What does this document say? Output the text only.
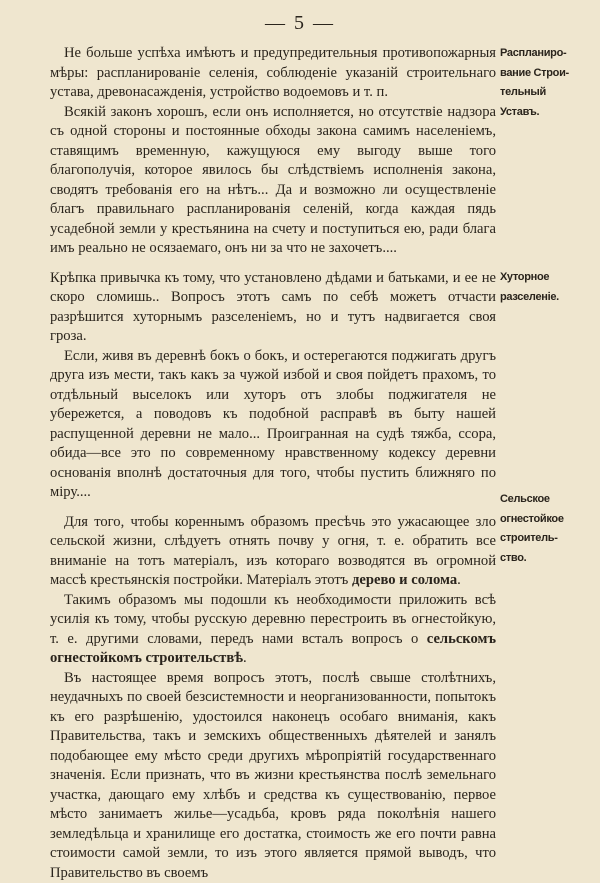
— 5 —
Распланиро-
вание Строи-
тельный
Уставъ.
Хуторное
разселеніе.
Сельское
огнестойкое
строитель-
ство.

Не больше успѣха имѣютъ и предупредительныя противопожарныя мѣры: распланированіе селенія, соблюденіе указаній строительнаго устава, древонасажденія, устройство водоемовъ и т. п.

Всякій законъ хорошъ, если онъ исполняется, но отсутствіе надзора съ одной стороны и постоянные обходы закона самимъ населеніемъ, ставящимъ временную, кажущуюся ему выгоду выше того благополучія, которое явилось бы слѣдствіемъ исполненія закона, сводятъ требованія его на нѣтъ... Да и возможно ли осуществленіе благъ правильнаго распланированія селеній, когда каждая пядь усадебной земли у крестьянина на счету и поступиться ею, ради блага имъ реально не осязаемаго, онъ ни за что не захочетъ....

Крѣпка привычка къ тому, что установлено дѣдами и батьками, и ее не скоро сломишь.. Вопросъ этотъ самъ по себѣ можетъ отчасти разрѣшится хуторнымъ разселеніемъ, но и тутъ надвигается своя гроза.

Если, живя въ деревнѣ бокъ о бокъ, и остерегаются поджигать другъ друга изъ мести, такъ какъ за чужой избой и своя пойдетъ прахомъ, то отдѣльный выселокъ или хуторъ отъ злобы поджигателя не убережется, а поводовъ къ подобной расправѣ въ быту нашей распущенной деревни не мало... Проигранная на судѣ тяжба, ссора, обида—все это по современному нравственному кодексу деревни основанія вполнѣ достаточныя для того, чтобы пустить ближняго по міру....

Для того, чтобы кореннымъ образомъ пресѣчь это ужасающее зло сельской жизни, слѣдуетъ отнять почву у огня, т. е. обратить все вниманіе на тотъ матеріалъ, изъ котораго возводятся въ огромной массѣ крестьянскія постройки. Матеріалъ этотъ дерево и солома.

Такимъ образомъ мы подошли къ необходимости приложить всѣ усилія къ тому, чтобы русскую деревню перестроить въ огнестойкую, т. е. другими словами, передъ нами всталъ вопросъ о сельскомъ огнестойкомъ строительствѣ.

Въ настоящее время вопросъ этотъ, послѣ свыше столѣтнихъ, неудачныхъ по своей безсистемности и неорганизованности, попытокъ къ его разрѣшенію, удостоился наконецъ особаго вниманія, какъ Правительства, такъ и земскихъ общественныхъ дѣятелей и занялъ подобающее ему мѣсто среди другихъ мѣропріятій государственнаго значенія. Если признать, что въ жизни крестьянства послѣ земельнаго участка, дающаго ему хлѣбъ и средства къ существованію, первое мѣсто занимаетъ жилье—усадьба, кровъ ряда поколѣнія нашего земледѣльца и хранилище его достатка, стоимость же его почти равна стоимости самой земли, то изъ этого является прямой выводъ, что Правительство въ своемъ
